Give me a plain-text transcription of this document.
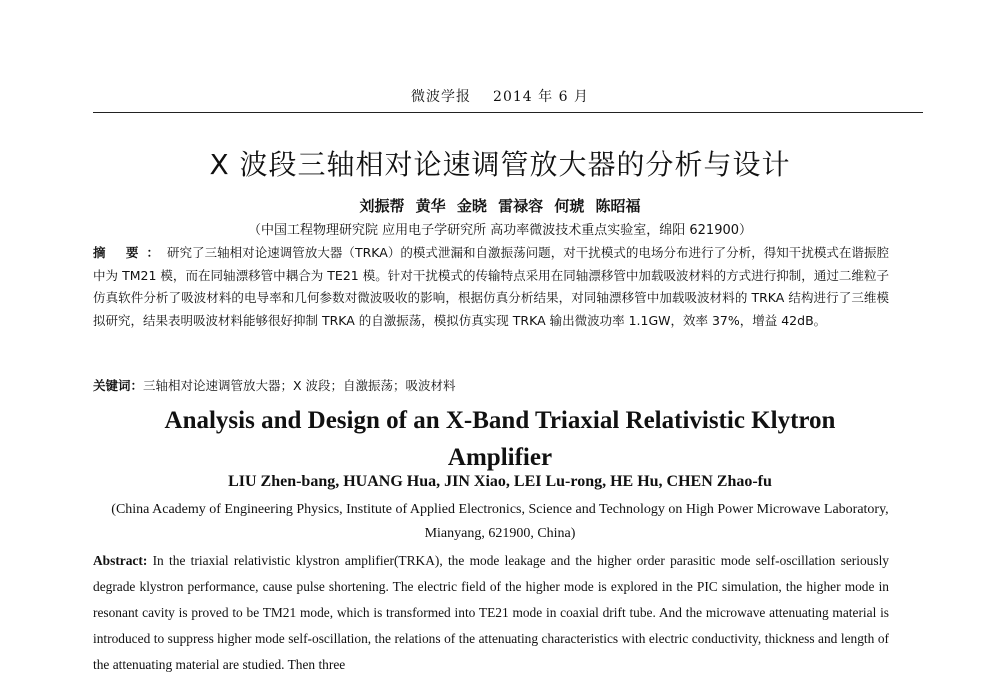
微波学报 2014 年 6 月
X 波段三轴相对论速调管放大器的分析与设计
刘振帮 黄华 金晓 雷禄容 何琥 陈昭福
（中国工程物理研究院 应用电子学研究所 高功率微波技术重点实验室，绵阳 621900）
摘 要：研究了三轴相对论速调管放大器（TRKA）的模式泄漏和自激振荡问题，对干扰模式的电场分布进行了分析，得知干扰模式在谐振腔中为 TM21 模，而在同轴漂移管中耦合为 TE21 模。针对干扰模式的传输特点采用在同轴漂移管中加载吸波材料的方式进行抑制，通过二维粒子仿真软件分析了吸波材料的电导率和几何参数对微波吸收的影响，根据仿真分析结果，对同轴漂移管中加载吸波材料的 TRKA 结构进行了三维模拟研究，结果表明吸波材料能够很好抑制 TRKA 的自激振荡，模拟仿真实现 TRKA 输出微波功率 1.1GW，效率 37%，增益 42dB。
关键词：三轴相对论速调管放大器；X 波段；自激振荡；吸波材料
Analysis and Design of an X-Band Triaxial Relativistic Klytron Amplifier
LIU Zhen-bang, HUANG Hua, JIN Xiao, LEI Lu-rong, HE Hu, CHEN Zhao-fu
(China Academy of Engineering Physics, Institute of Applied Electronics, Science and Technology on High Power Microwave Laboratory, Mianyang, 621900, China)
Abstract: In the triaxial relativistic klystron amplifier(TRKA), the mode leakage and the higher order parasitic mode self-oscillation seriously degrade klystron performance, cause pulse shortening. The electric field of the higher mode is explored in the PIC simulation, the higher mode in resonant cavity is proved to be TM21 mode, which is transformed into TE21 mode in coaxial drift tube. And the microwave attenuating material is introduced to suppress higher mode self-oscillation, the relations of the attenuating characteristics with electric conductivity, thickness and length of the attenuating material are studied. Then three
